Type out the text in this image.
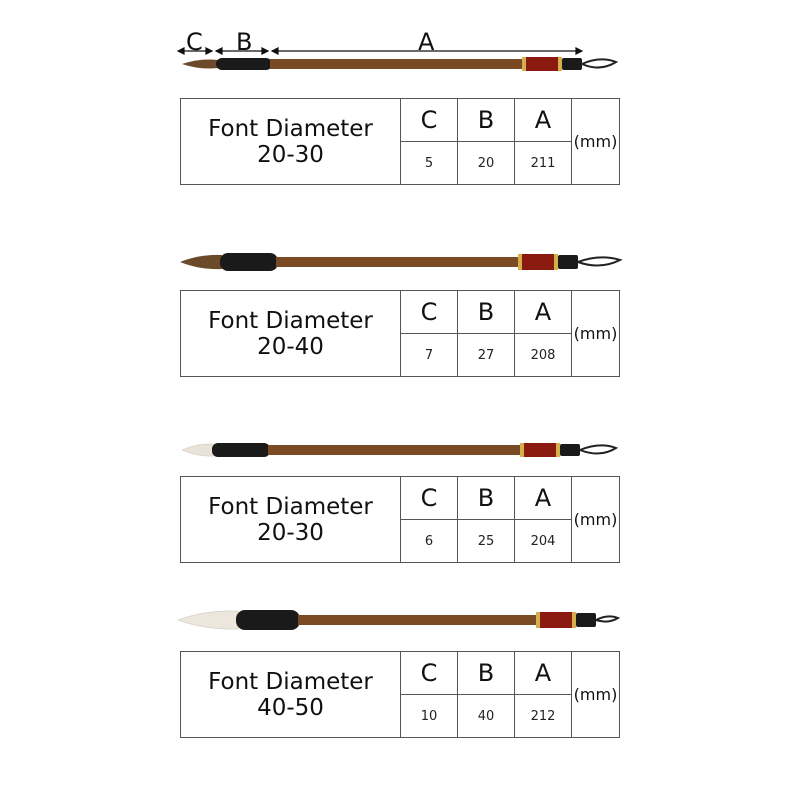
C B	A
Font Diameter
20-30	C	B	A	(mm)
	5	20	211	
Font Diameter
20-40	C	B	A	(mm)
	7	27	208	
Font Diameter
20-30	C	B	A	(mm)
	6	25	204	
Font Diameter
40-50	C	B	A	(mm)
	10	40	212	
